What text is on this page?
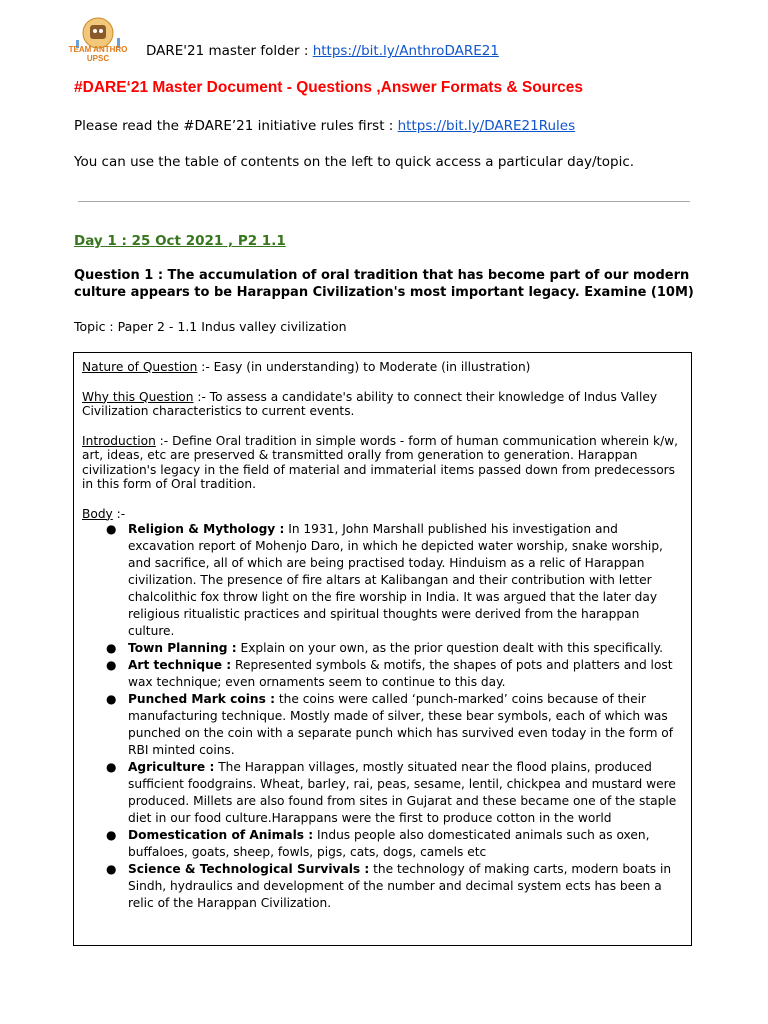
TEAM ANTHRO UPSC	DARE'21 master folder : https://bit.ly/AnthroDARE21
#DARE‘21 Master Document - Questions ,Answer Formats & Sources
Please read the #DARE’21 initiative rules first : https://bit.ly/DARE21Rules
You can use the table of contents on the left to quick access a particular day/topic.
Day 1 : 25 Oct 2021 , P2 1.1
Question 1 : The accumulation of oral tradition that has become part of our modern culture appears to be Harappan Civilization's most important legacy. Examine (10M)
Topic : Paper 2 - 1.1 Indus valley civilization
Nature of Question :- Easy (in understanding) to Moderate (in illustration)
Why this Question :- To assess a candidate's ability to connect their knowledge of Indus Valley Civilization characteristics to current events.
Introduction :- Define Oral tradition in simple words - form of human communication wherein k/w, art, ideas, etc are preserved & transmitted orally from generation to generation. Harappan civilization's legacy in the field of material and immaterial items passed down from predecessors in this form of Oral tradition.
Body :-
● Religion & Mythology : In 1931, John Marshall published his investigation and excavation report of Mohenjo Daro, in which he depicted water worship, snake worship, and sacrifice, all of which are being practised today. Hinduism as a relic of Harappan civilization. The presence of fire altars at Kalibangan and their contribution with letter chalcolithic fox throw light on the fire worship in India. It was argued that the later day religious ritualistic practices and spiritual thoughts were derived from the harappan culture.
● Town Planning : Explain on your own, as the prior question dealt with this specifically.
● Art technique : Represented symbols & motifs, the shapes of pots and platters and lost wax technique; even ornaments seem to continue to this day.
● Punched Mark coins : the coins were called ‘punch-marked’ coins because of their manufacturing technique. Mostly made of silver, these bear symbols, each of which was punched on the coin with a separate punch which has survived even today in the form of RBI minted coins.
● Agriculture : The Harappan villages, mostly situated near the flood plains, produced sufficient foodgrains. Wheat, barley, rai, peas, sesame, lentil, chickpea and mustard were produced. Millets are also found from sites in Gujarat and these became one of the staple diet in our food culture.Harappans were the first to produce cotton in the world
● Domestication of Animals : Indus people also domesticated animals such as oxen, buffaloes, goats, sheep, fowls, pigs, cats, dogs, camels etc
● Science & Technological Survivals : the technology of making carts, modern boats in Sindh, hydraulics and development of the number and decimal system ects has been a relic of the Harappan Civilization.
